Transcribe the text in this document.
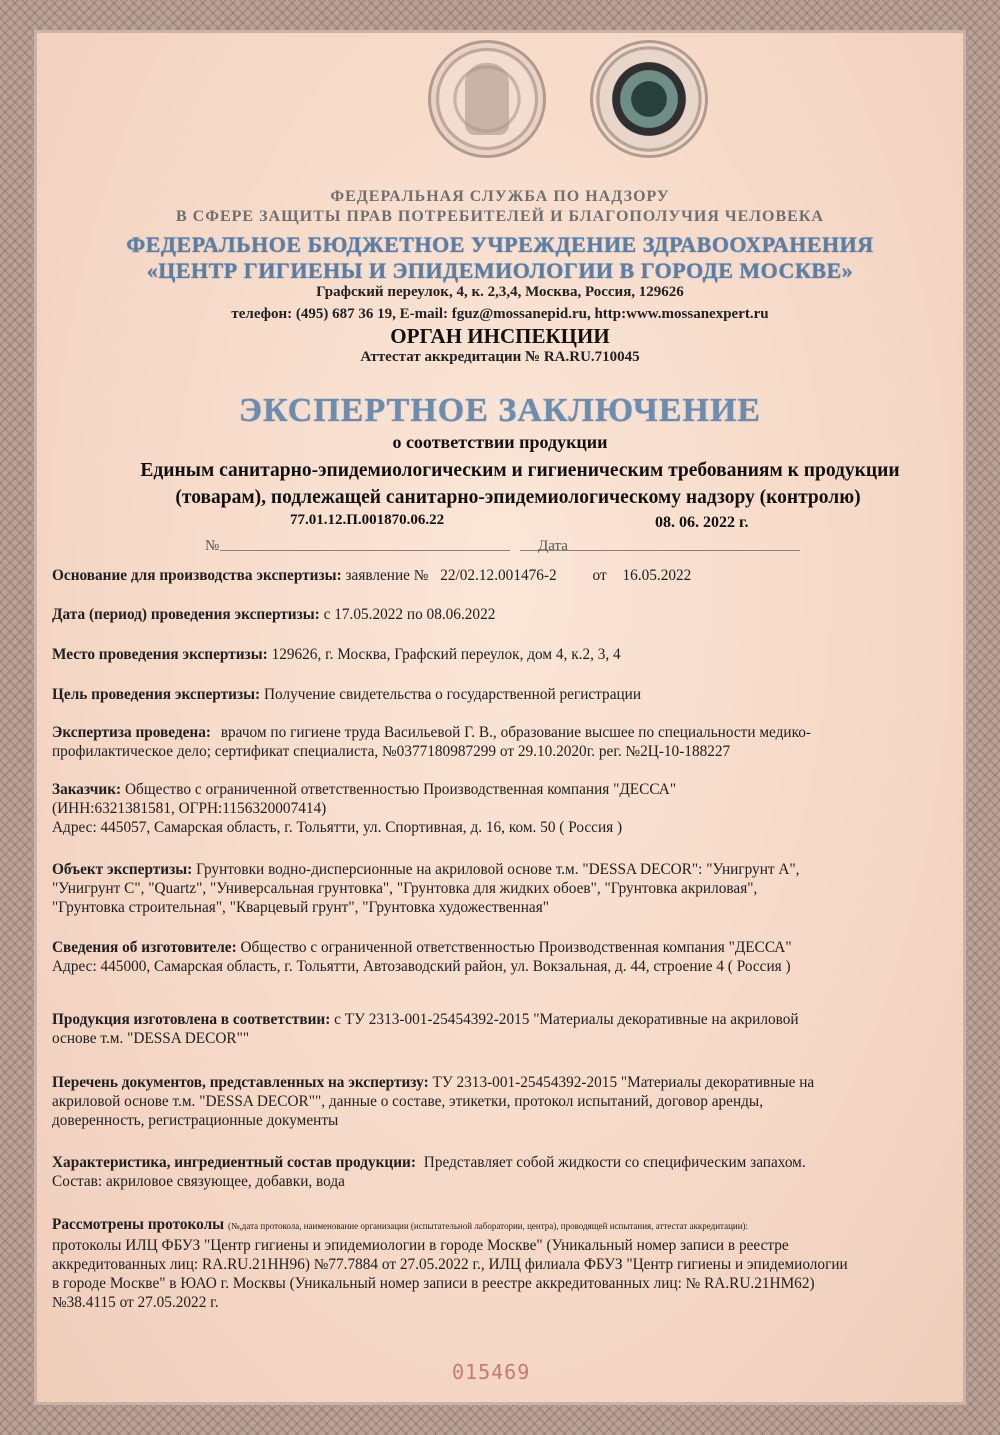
ФЕДЕРАЛЬНАЯ СЛУЖБА ПО НАДЗОРУ
В СФЕРЕ ЗАЩИТЫ ПРАВ ПОТРЕБИТЕЛЕЙ И БЛАГОПОЛУЧИЯ ЧЕЛОВЕКА
ФЕДЕРАЛЬНОЕ БЮДЖЕТНОЕ УЧРЕЖДЕНИЕ ЗДРАВООХРАНЕНИЯ
«ЦЕНТР ГИГИЕНЫ И ЭПИДЕМИОЛОГИИ В ГОРОДЕ МОСКВЕ»
Графский переулок, 4, к. 2,3,4, Москва, Россия, 129626
телефон: (495) 687 36 19, E-mail: fguz@mossanepid.ru, http:www.mossanexpert.ru
ОРГАН ИНСПЕКЦИИ
Аттестат аккредитации № RA.RU.710045
ЭКСПЕРТНОЕ ЗАКЛЮЧЕНИЕ
о соответствии продукции
Единым санитарно-эпидемиологическим и гигиеническим требованиям к продукции
(товарам), подлежащей санитарно-эпидемиологическому надзору (контролю)
77.01.12.П.001870.06.22	08. 06. 2022 г.
№	Дата
Основание для производства экспертизы: заявление № 22/02.12.001476-2 от 16.05.2022
Дата (период) проведения экспертизы: с 17.05.2022 по 08.06.2022
Место проведения экспертизы: 129626, г. Москва, Графский переулок, дом 4, к.2, 3, 4
Цель проведения экспертизы: Получение свидетельства о государственной регистрации
Экспертиза проведена: врачом по гигиене труда Васильевой Г. В., образование высшее по специальности медико-
профилактическое дело; сертификат специалиста, №0377180987299 от 29.10.2020г. рег. №2Ц-10-188227
Заказчик: Общество с ограниченной ответственностью Производственная компания "ДЕССА"
(ИНН:6321381581, ОГРН:1156320007414)
Адрес: 445057, Самарская область, г. Тольятти, ул. Спортивная, д. 16, ком. 50 ( Россия )
Объект экспертизы: Грунтовки водно-дисперсионные на акриловой основе т.м. "DESSA DECOR": "Унигрунт А",
"Унигрунт С", "Quartz", "Универсальная грунтовка", "Грунтовка для жидких обоев", "Грунтовка акриловая",
"Грунтовка строительная", "Кварцевый грунт", "Грунтовка художественная"
Сведения об изготовителе: Общество с ограниченной ответственностью Производственная компания "ДЕССА"
Адрес: 445000, Самарская область, г. Тольятти, Автозаводский район, ул. Вокзальная, д. 44, строение 4 ( Россия )
Продукция изготовлена в соответствии: с ТУ 2313-001-25454392-2015 "Материалы декоративные на акриловой
основе т.м. "DESSA DECOR""
Перечень документов, представленных на экспертизу: ТУ 2313-001-25454392-2015 "Материалы декоративные на
акриловой основе т.м. "DESSA DECOR"", данные о составе, этикетки, протокол испытаний, договор аренды,
доверенность, регистрационные документы
Характеристика, ингредиентный состав продукции: Представляет собой жидкости со специфическим запахом.
Состав: акриловое связующее, добавки, вода
Рассмотрены протоколы (№,дата протокола, наименование организации (испытательной лаборатории, центра), проводящей испытания, аттестат аккредитации):
протоколы ИЛЦ ФБУЗ "Центр гигиены и эпидемиологии в городе Москве" (Уникальный номер записи в реестре
аккредитованных лиц: RA.RU.21НН96) №77.7884 от 27.05.2022 г., ИЛЦ филиала ФБУЗ "Центр гигиены и эпидемиологии
в городе Москве" в ЮАО г. Москвы (Уникальный номер записи в реестре аккредитованных лиц: № RA.RU.21НМ62)
№38.4115 от 27.05.2022 г.
015469
